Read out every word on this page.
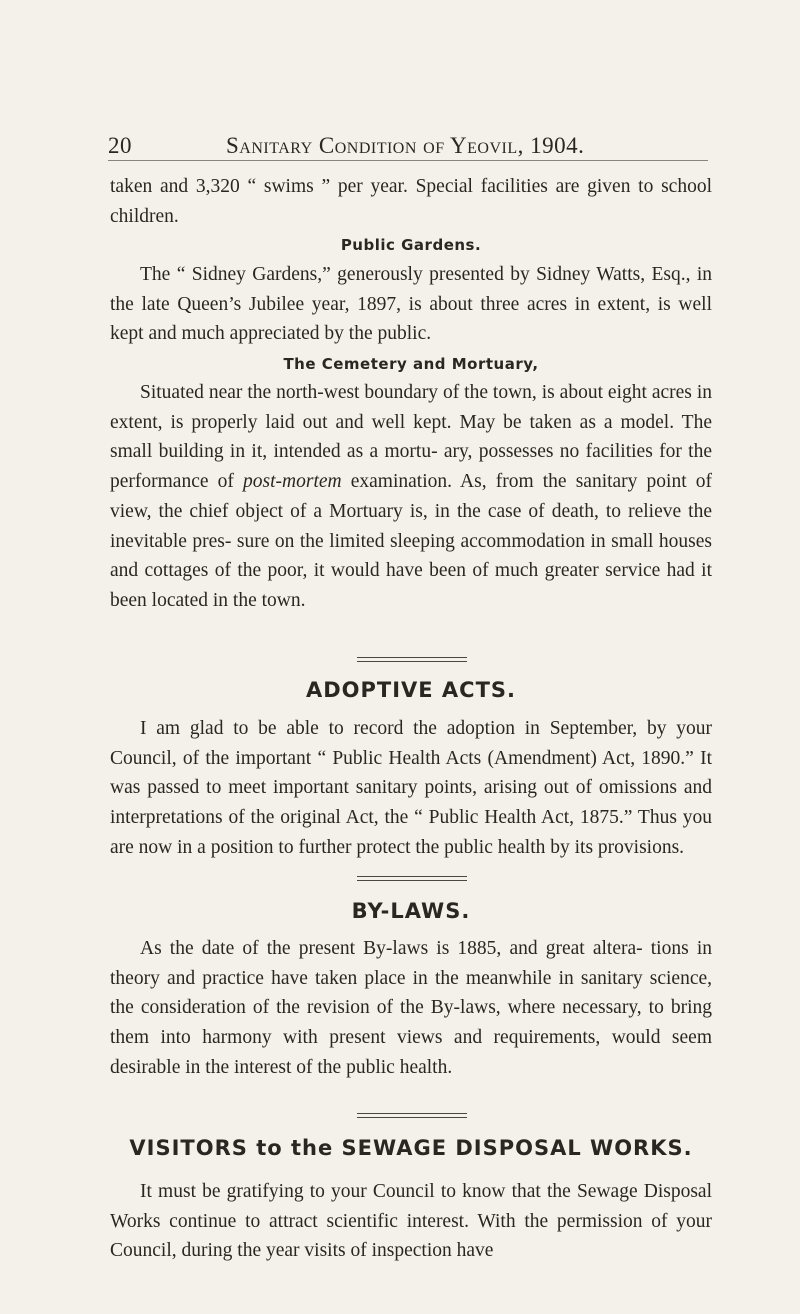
20	Sanitary Condition of Yeovil, 1904.
taken and 3,320 “ swims ” per year. Special facilities are given to school children.
Public Gardens.
The “ Sidney Gardens,” generously presented by Sidney Watts, Esq., in the late Queen’s Jubilee year, 1897, is about three acres in extent, is well kept and much appreciated by the public.
The Cemetery and Mortuary,
Situated near the north-west boundary of the town, is about eight acres in extent, is properly laid out and well kept. May be taken as a model. The small building in it, intended as a mortu- ary, possesses no facilities for the performance of post-mortem examination. As, from the sanitary point of view, the chief object of a Mortuary is, in the case of death, to relieve the inevitable pres- sure on the limited sleeping accommodation in small houses and cottages of the poor, it would have been of much greater service had it been located in the town.
ADOPTIVE ACTS.
I am glad to be able to record the adoption in September, by your Council, of the important “ Public Health Acts (Amendment) Act, 1890.” It was passed to meet important sanitary points, arising out of omissions and interpretations of the original Act, the “ Public Health Act, 1875.” Thus you are now in a position to further protect the public health by its provisions.
BY-LAWS.
As the date of the present By-laws is 1885, and great altera- tions in theory and practice have taken place in the meanwhile in sanitary science, the consideration of the revision of the By-laws, where necessary, to bring them into harmony with present views and requirements, would seem desirable in the interest of the public health.
VISITORS to the SEWAGE DISPOSAL WORKS.
It must be gratifying to your Council to know that the Sewage Disposal Works continue to attract scientific interest. With the permission of your Council, during the year visits of inspection have
